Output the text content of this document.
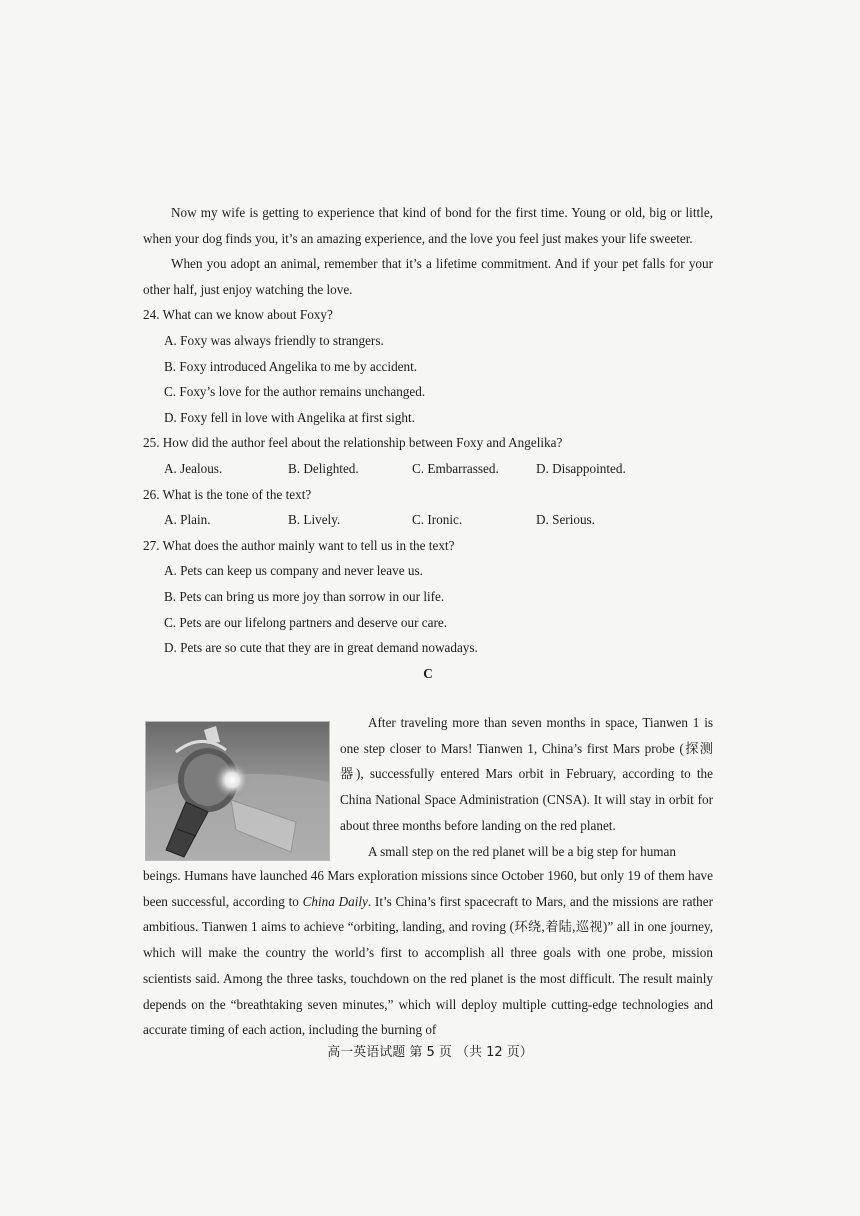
Now my wife is getting to experience that kind of bond for the first time. Young or old, big or little, when your dog finds you, it’s an amazing experience, and the love you feel just makes your life sweeter.

When you adopt an animal, remember that it’s a lifetime commitment. And if your pet falls for your other half, just enjoy watching the love.

24. What can we know about Foxy?

A. Foxy was always friendly to strangers.

B. Foxy introduced Angelika to me by accident.

C. Foxy’s love for the author remains unchanged.

D. Foxy fell in love with Angelika at first sight.

25. How did the author feel about the relationship between Foxy and Angelika?

A. Jealous.	B. Delighted.	C. Embarrassed.	D. Disappointed.

26. What is the tone of the text?

A. Plain.	B. Lively.	C. Ironic.	D. Serious.

27. What does the author mainly want to tell us in the text?

A. Pets can keep us company and never leave us.

B. Pets can bring us more joy than sorrow in our life.

C. Pets are our lifelong partners and deserve our care.

D. Pets are so cute that they are in great demand nowadays.

C

After traveling more than seven months in space, Tianwen 1 is one step closer to Mars! Tianwen 1, China’s first Mars probe (探测器), successfully entered Mars orbit in February, according to the China National Space Administration (CNSA). It will stay in orbit for about three months before landing on the red planet.

A small step on the red planet will be a big step for human

beings. Humans have launched 46 Mars exploration missions since October 1960, but only 19 of them have been successful, according to China Daily. It’s China’s first spacecraft to Mars, and the missions are rather ambitious. Tianwen 1 aims to achieve “orbiting, landing, and roving (环绕,着陆,巡视)” all in one journey, which will make the country the world’s first to accomplish all three goals with one probe, mission scientists said. Among the three tasks, touchdown on the red planet is the most difficult. The result mainly depends on the “breathtaking seven minutes,” which will deploy multiple cutting-edge technologies and accurate timing of each action, including the burning of

高一英语试题 第 5 页 （共 12 页）
